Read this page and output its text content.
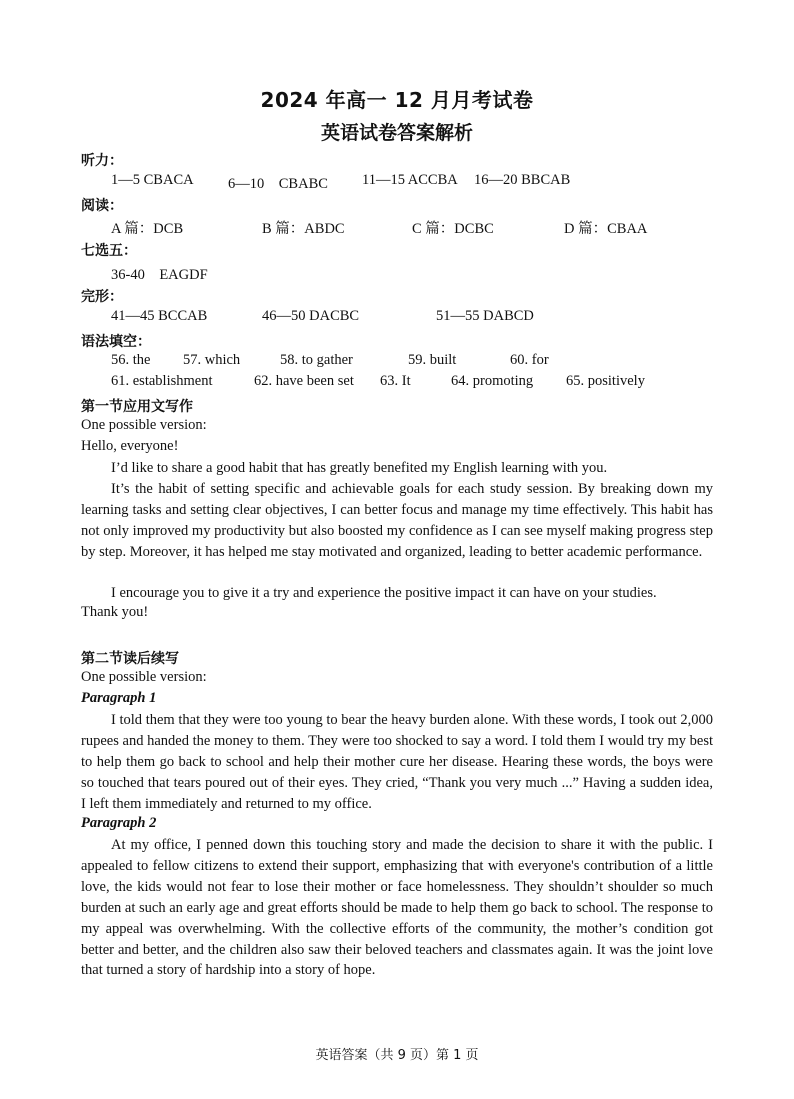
2024 年高一 12 月月考试卷
英语试卷答案解析
听力：
1—5 CBACA 6—10　CBABC 11—15 ACCBA 16—20 BBCAB
阅读：
A 篇：DCB	B 篇：ABDC	C 篇：DCBC	D 篇：CBAA
七选五：
36-40　EAGDF
完形：
41—45 BCCAB	46—50 DACBC	51—55 DABCD
语法填空：
56. the 57. which	58. to gather	59. built	60. for
61. establishment	62. have been set 63. It	64. promoting 65. positively
第一节应用文写作
One possible version:
Hello, everyone!

I’d like to share a good habit that has greatly benefited my English learning with you.

It’s the habit of setting specific and achievable goals for each study session. By breaking down my learning tasks and setting clear objectives, I can better focus and manage my time effectively. This habit has not only improved my productivity but also boosted my confidence as I can see myself making progress step by step. Moreover, it has helped me stay motivated and organized, leading to better academic performance.

I encourage you to give it a try and experience the positive impact it can have on your studies.

Thank you!
第二节读后续写
One possible version:
Paragraph 1

I told them that they were too young to bear the heavy burden alone. With these words, I took out 2,000 rupees and handed the money to them. They were too shocked to say a word. I told them I would try my best to help them go back to school and help their mother cure her disease. Hearing these words, the boys were so touched that tears poured out of their eyes. They cried, “Thank you very much ...” Having a sudden idea, I left them immediately and returned to my office.

Paragraph 2

At my office, I penned down this touching story and made the decision to share it with the public. I appealed to fellow citizens to extend their support, emphasizing that with everyone's contribution of a little love, the kids would not fear to lose their mother or face homelessness. They shouldn’t shoulder so much burden at such an early age and great efforts should be made to help them go back to school. The response to my appeal was overwhelming. With the collective efforts of the community, the mother’s condition got better and better, and the children also saw their beloved teachers and classmates again. It was the joint love that turned a story of hardship into a story of hope.

英语答案（共 9 页）第 1 页
